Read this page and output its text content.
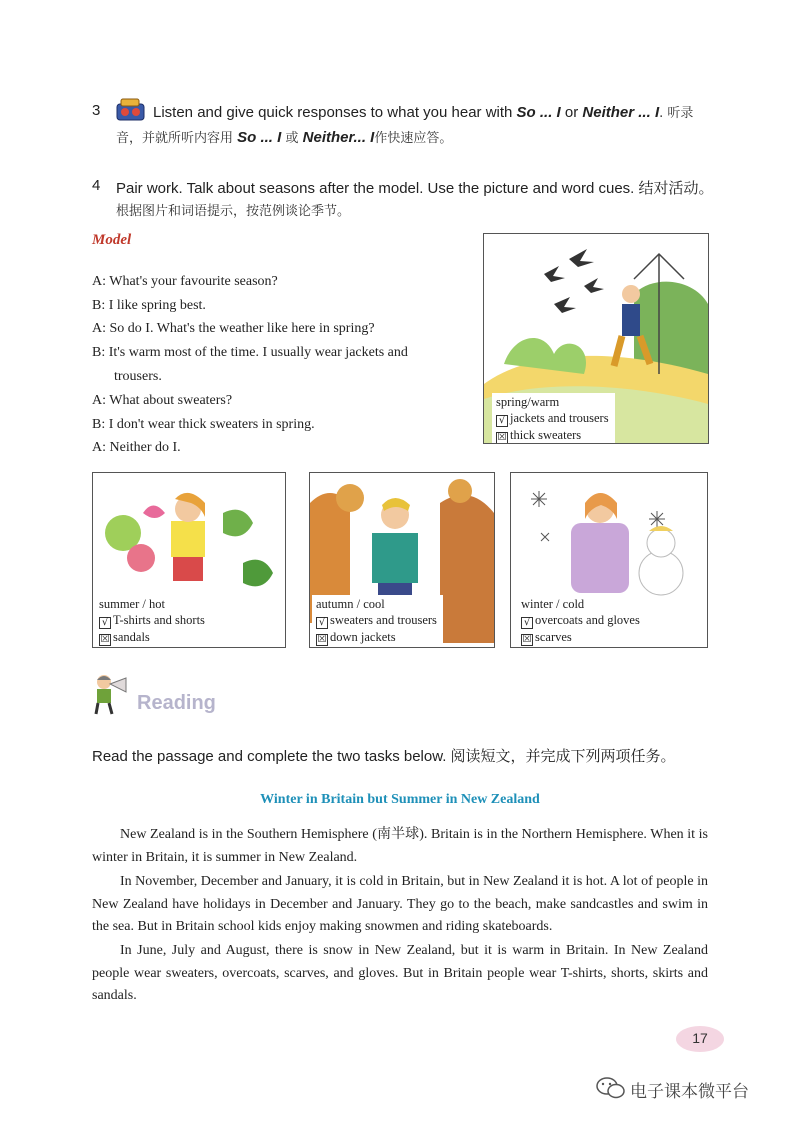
3	Listen and give quick responses to what you hear with So ... I or Neither ... I. 听录
音，并就所听内容用 So ... I 或 Neither... I作快速应答。
4 Pair work. Talk about seasons after the model. Use the picture and word cues. 结对活动。
根据图片和词语提示，按范例谈论季节。
Model
A: What's your favourite season?
B: I like spring best.
A: So do I. What's the weather like here in spring?
B: It's warm most of the time. I usually wear jackets and
trousers.
A: What about sweaters?
B: I don't wear thick sweaters in spring.
A: Neither do I.
spring/warm
√ jackets and trousers
☒ thick sweaters
summer / hot
√ T-shirts and shorts
☒ sandals
autumn / cool
√ sweaters and trousers
☒ down jackets
winter / cold
√ overcoats and gloves
☒ scarves
Reading
Read the passage and complete the two tasks below. 阅读短文，并完成下列两项任务。
Winter in Britain but Summer in New Zealand
New Zealand is in the Southern Hemisphere (南半球). Britain is in the Northern Hemisphere. When it is winter in Britain, it is summer in New Zealand.
In November, December and January, it is cold in Britain, but in New Zealand it is hot. A lot of people in New Zealand have holidays in December and January. They go to the beach, make sandcastles and swim in the sea. But in Britain school kids enjoy making snowmen and riding skateboards.
In June, July and August, there is snow in New Zealand, but it is warm in Britain. In New Zealand people wear sweaters, overcoats, scarves, and gloves. But in Britain people wear T-shirts, shorts, skirts and sandals.
17
电子课本微平台
